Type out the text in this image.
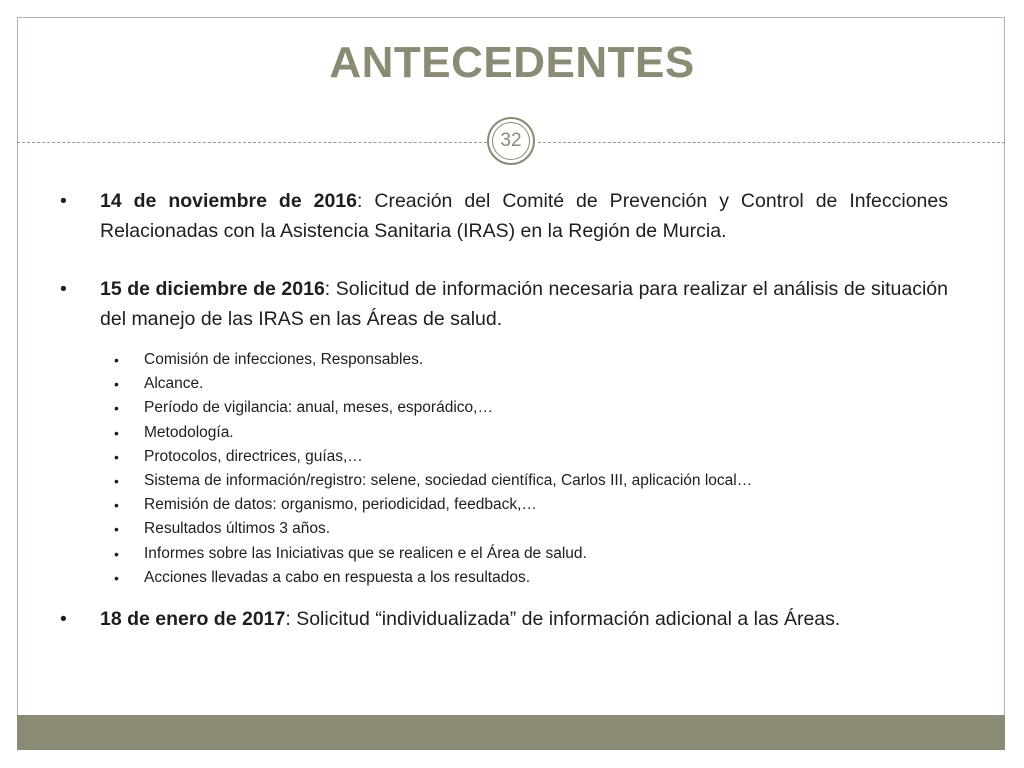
ANTECEDENTES
32
• 14 de noviembre de 2016: Creación del Comité de Prevención y Control de Infecciones Relacionadas con la Asistencia Sanitaria (IRAS) en la Región de Murcia.
• 15 de diciembre de 2016: Solicitud de información necesaria para realizar el análisis de situación del manejo de las IRAS en las Áreas de salud.
• Comisión de infecciones, Responsables.
• Alcance.
• Período de vigilancia: anual, meses, esporádico,…
• Metodología.
• Protocolos, directrices, guías,…
• Sistema de información/registro: selene, sociedad científica, Carlos III, aplicación local…
• Remisión de datos: organismo, periodicidad, feedback,…
• Resultados últimos 3 años.
• Informes sobre las Iniciativas que se realicen e el Área de salud.
• Acciones llevadas a cabo en respuesta a los resultados.
• 18 de enero de 2017: Solicitud “individualizada” de información adicional a las Áreas.
